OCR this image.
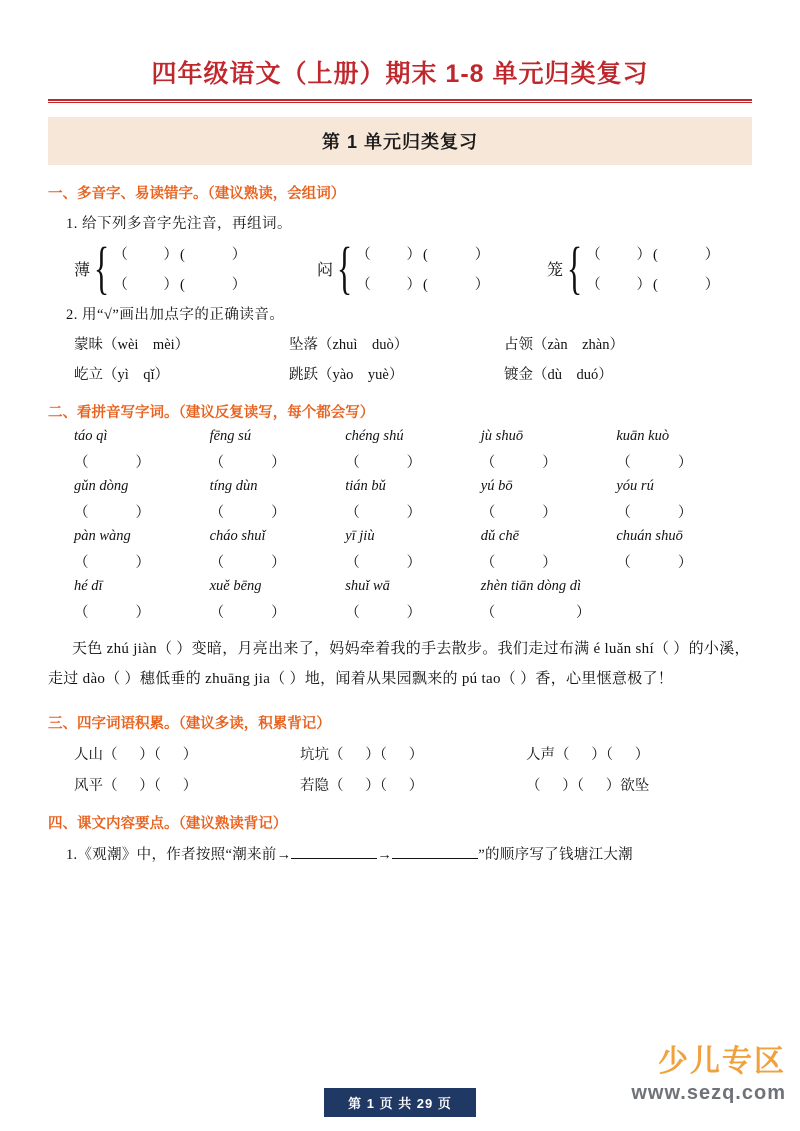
四年级语文（上册）期末 1-8 单元归类复习
第 1 单元归类复习
一、多音字、易读错字。（建议熟读，会组词）
1. 给下列多音字先注音，再组词。
薄 { （      ）(        ）
（      ）(        ）
闷 { （      ）(        ）
（      ）(        ）
笼 { （      ）(        ）
（      ）(        ）
2. 用“√”画出加点字的正确读音。
蒙昧（wèi　mèi）	坠落（zhuì　duò）	占领（zàn　zhàn）
屹立（yì　qǐ）	跳跃（yào　yuè）	镀金（dù　duó）
二、看拼音写字词。（建议反复读写，每个都会写）
táo qì	fēng sú	chéng shú	jù shuō	kuān kuò
（        ）	（        ）	（        ）	（        ）	（        ）
gǔn dòng	tíng dùn	tián bǔ	yú bō	yóu rú
（        ）	（        ）	（        ）	（        ）	（        ）
pàn wàng	cháo shuǐ	yī jiù	dǔ chē	chuán shuō
（        ）	（        ）	（        ）	（        ）	（        ）
hé dī	xuě bēng	shuǐ wā	zhèn tiān dòng dì
（        ）	（        ）	（        ）	（              ）
天色 zhú jiàn（ ）变暗，月亮出来了，妈妈牵着我的手去散步。我们走过布满 é luǎn shí（ ）的小溪，走过 dào（ ）穗低垂的 zhuāng jia（ ）地，闻着从果园飘来的 pú tao（ ）香，心里惬意极了！
三、四字词语积累。（建议多读，积累背记）
人山（      ）（      ）	坑坑（      ）（      ）	人声（      ）（      ）
风平（      ）（      ）	若隐（      ）（      ）	（      ）（      ）欲坠
四、课文内容要点。（建议熟读背记）
1.《观潮》中，作者按照“潮来前→	→	”的顺序写了钱塘江大潮
少儿专区
www.sezq.com
第 1 页 共 29 页
